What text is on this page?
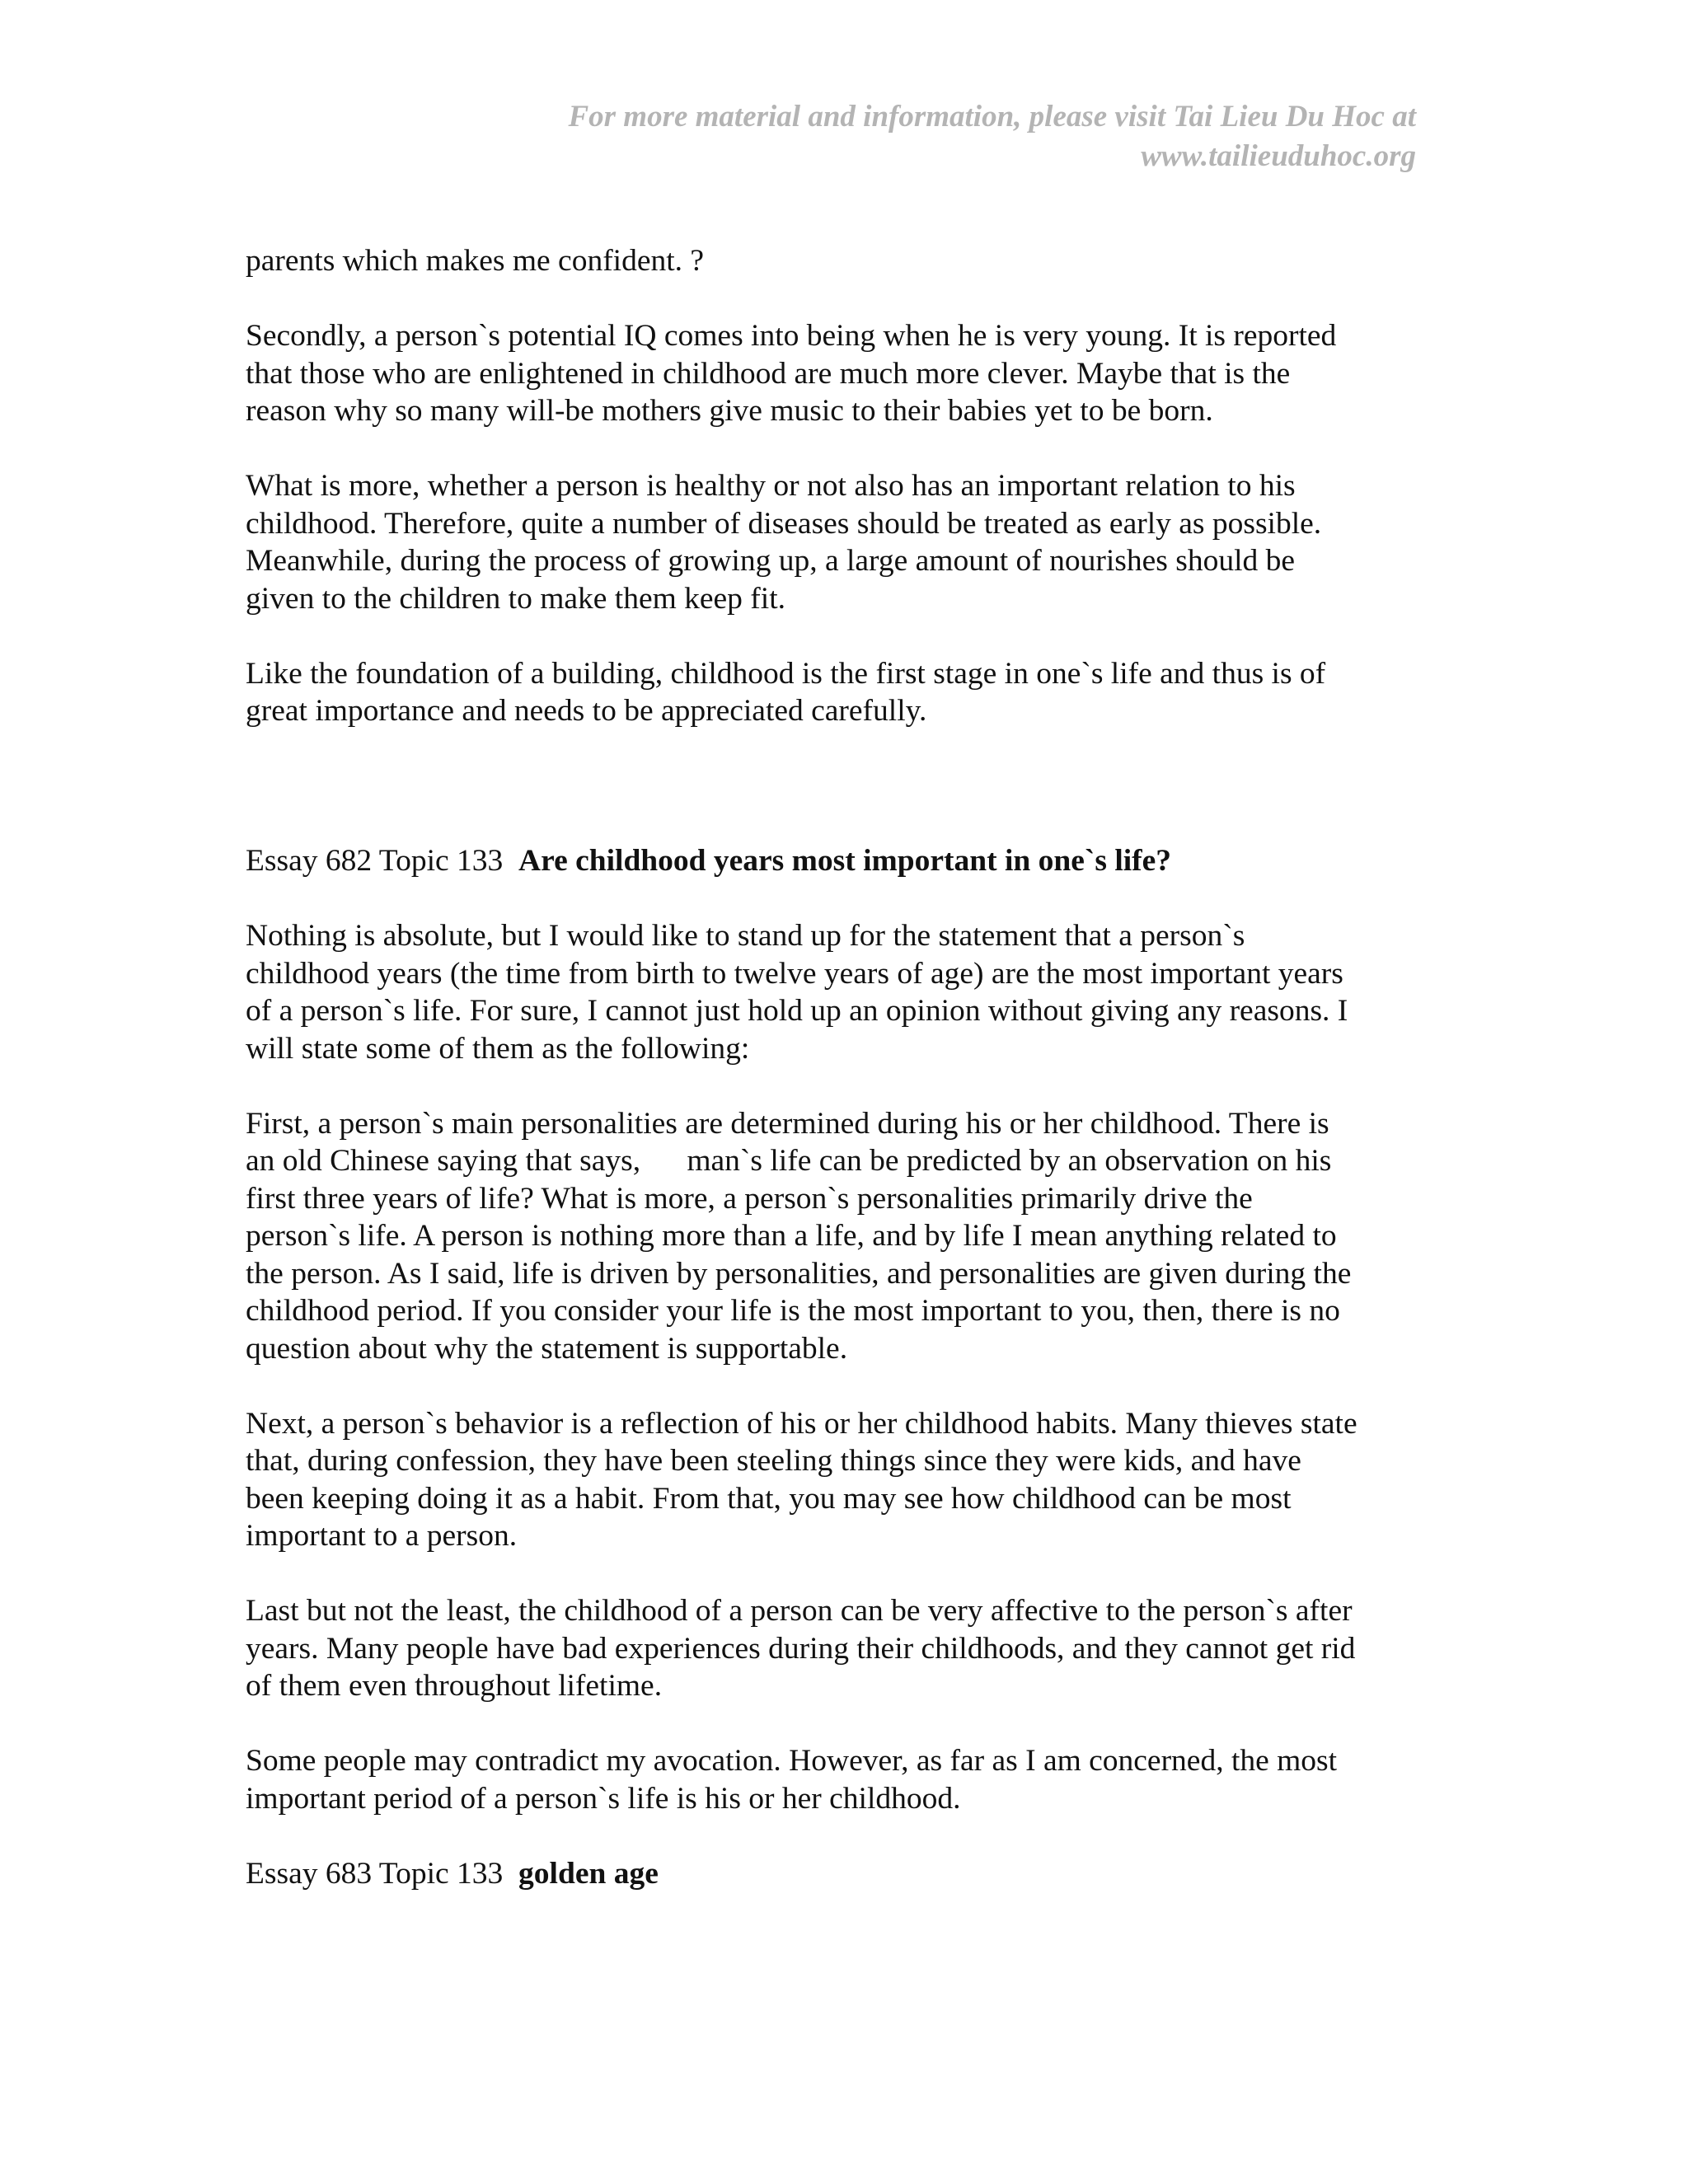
For more material and information, please visit Tai Lieu Du Hoc at
www.tailieuduhoc.org
parents which makes me confident. ?
Secondly, a person`s potential IQ comes into being when he is very young. It is reported
that those who are enlightened in childhood are much more clever. Maybe that is the
reason why so many will-be mothers give music to their babies yet to be born.
What is more, whether a person is healthy or not also has an important relation to his
childhood. Therefore, quite a number of diseases should be treated as early as possible.
Meanwhile, during the process of growing up, a large amount of nourishes should be
given to the children to make them keep fit.
Like the foundation of a building, childhood is the first stage in one`s life and thus is of
great importance and needs to be appreciated carefully.
Essay 682 Topic 133  Are childhood years most important in one`s life?
Nothing is absolute, but I would like to stand up for the statement that a person`s
childhood years (the time from birth to twelve years of age) are the most important years
of a person`s life. For sure, I cannot just hold up an opinion without giving any reasons. I
will state some of them as the following:
First, a person`s main personalities are determined during his or her childhood. There is
an old Chinese saying that says,      man`s life can be predicted by an observation on his
first three years of life? What is more, a person`s personalities primarily drive the
person`s life. A person is nothing more than a life, and by life I mean anything related to
the person. As I said, life is driven by personalities, and personalities are given during the
childhood period. If you consider your life is the most important to you, then, there is no
question about why the statement is supportable.
Next, a person`s behavior is a reflection of his or her childhood habits. Many thieves state
that, during confession, they have been steeling things since they were kids, and have
been keeping doing it as a habit. From that, you may see how childhood can be most
important to a person.
Last but not the least, the childhood of a person can be very affective to the person`s after
years. Many people have bad experiences during their childhoods, and they cannot get rid
of them even throughout lifetime.
Some people may contradict my avocation. However, as far as I am concerned, the most
important period of a person`s life is his or her childhood.
Essay 683 Topic 133  golden age
